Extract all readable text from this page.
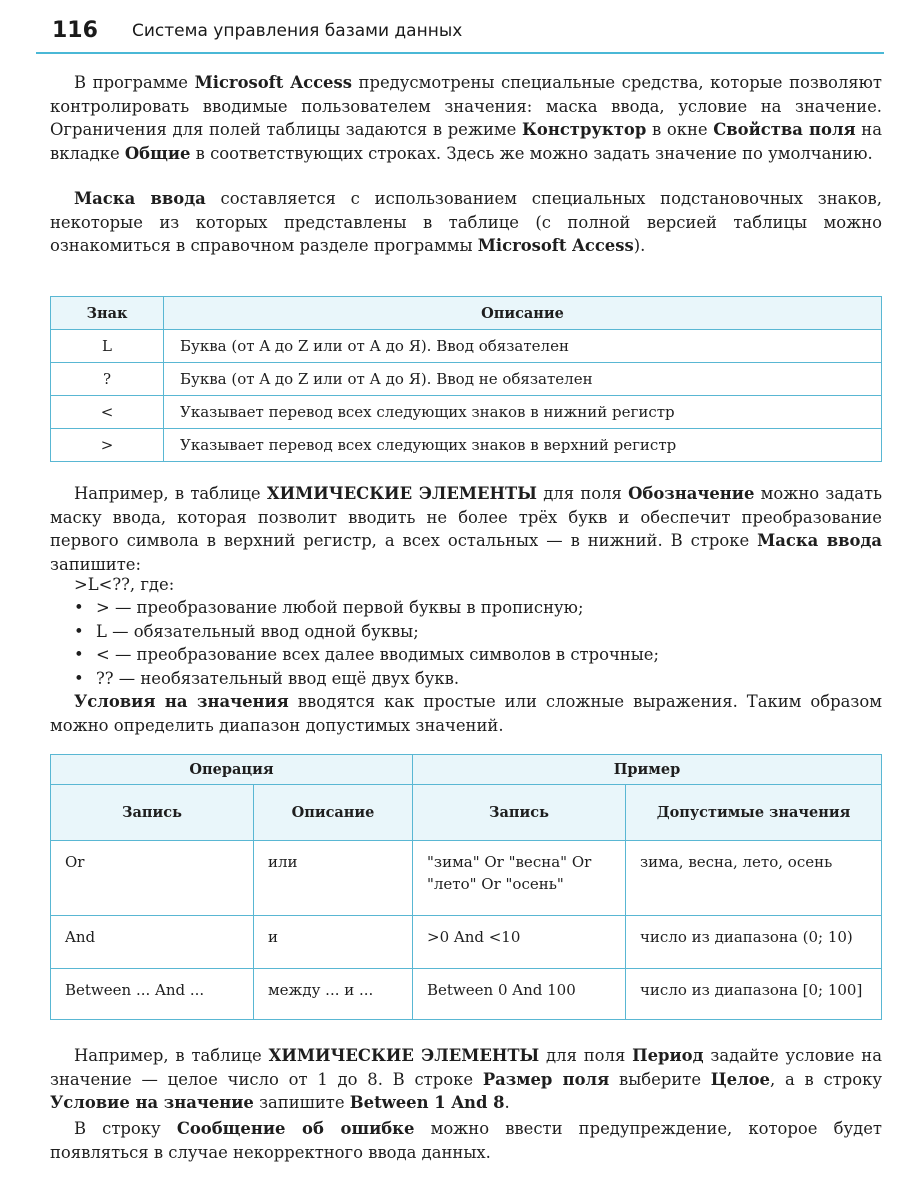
116 Система управления базами данных

В программе Microsoft Access предусмотрены специальные средства, которые позволяют контролировать вводимые пользователем значения: маска ввода, условие на значение. Ограничения для полей таблицы задаются в режиме Конструктор в окне Свойства поля на вкладке Общие в соответствующих строках. Здесь же можно задать значение по умолчанию.

Маска ввода составляется с использованием специальных подстановочных знаков, некоторые из которых представлены в таблице (с полной версией таблицы можно ознакомиться в справочном разделе программы Microsoft Access).

Знак	Описание
L	Буква (от A до Z или от А до Я). Ввод обязателен
?	Буква (от A до Z или от А до Я). Ввод не обязателен
<	Указывает перевод всех следующих знаков в нижний регистр
>	Указывает перевод всех следующих знаков в верхний регистр

Например, в таблице ХИМИЧЕСКИЕ ЭЛЕМЕНТЫ для поля Обозначение можно задать маску ввода, которая позволит вводить не более трёх букв и обеспечит преобразование первого символа в верхний регистр, а всех остальных — в нижний. В строке Маска ввода запишите:

>L<??, где:

• > — преобразование любой первой буквы в прописную;
• L — обязательный ввод одной буквы;
• < — преобразование всех далее вводимых символов в строчные;
• ?? — необязательный ввод ещё двух букв.

Условия на значения вводятся как простые или сложные выражения. Таким образом можно определить диапазон допустимых значений.

Операция		Пример	
Запись	Описание	Запись	Допустимые значения
Or	или	"зима" Or "весна" Or "лето" Or "осень"	зима, весна, лето, осень
And	и	>0 And <10	число из диапазона (0; 10)
Between ... And ...	между ... и ...	Between 0 And 100	число из диапазона [0; 100]

Например, в таблице ХИМИЧЕСКИЕ ЭЛЕМЕНТЫ для поля Период задайте условие на значение — целое число от 1 до 8. В строке Размер поля выберите Целое, а в строку Условие на значение запишите Between 1 And 8.

В строку Сообщение об ошибке можно ввести предупреждение, которое будет появляться в случае некорректного ввода данных.
